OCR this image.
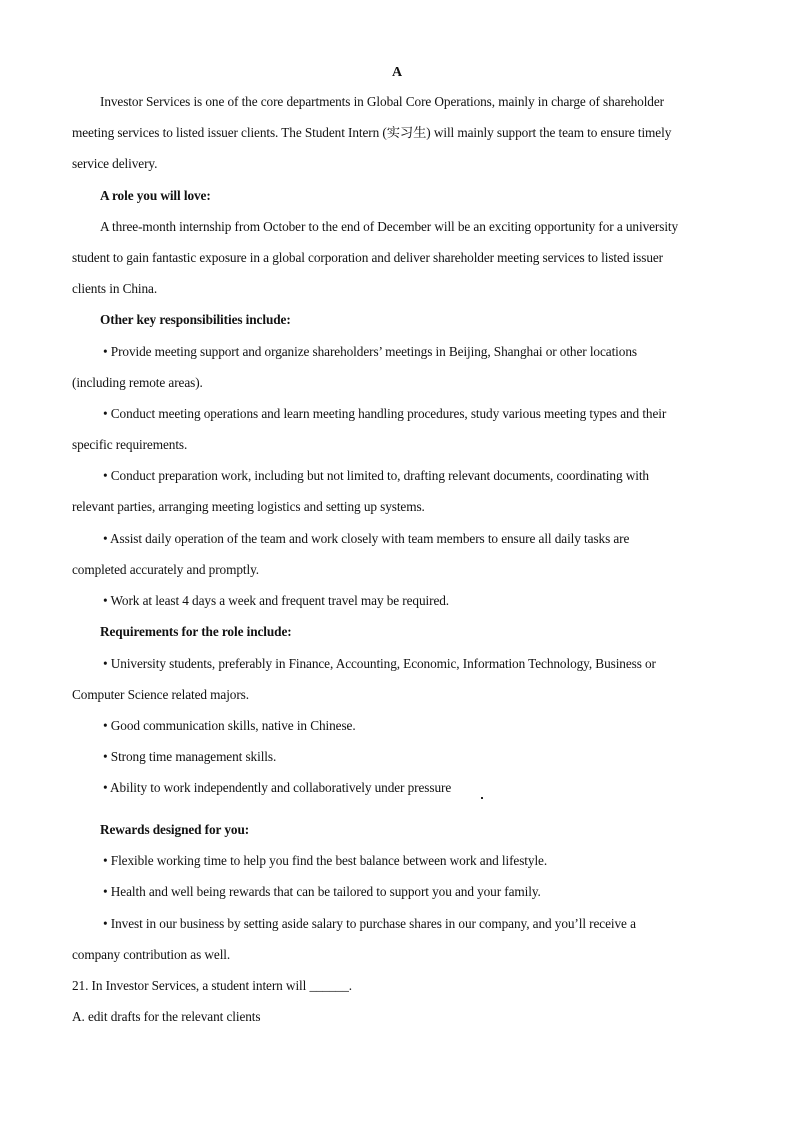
A
Investor Services is one of the core departments in Global Core Operations, mainly in charge of shareholder
meeting services to listed issuer clients. The Student Intern (实习生) will mainly support the team to ensure timely
service delivery.
A role you will love:
A three-month internship from October to the end of December will be an exciting opportunity for a university
student to gain fantastic exposure in a global corporation and deliver shareholder meeting services to listed issuer
clients in China.
Other key responsibilities include:
• Provide meeting support and organize shareholders’ meetings in Beijing, Shanghai or other locations
(including remote areas).
• Conduct meeting operations and learn meeting handling procedures, study various meeting types and their
specific requirements.
• Conduct preparation work, including but not limited to, drafting relevant documents, coordinating with
relevant parties, arranging meeting logistics and setting up systems.
• Assist daily operation of the team and work closely with team members to ensure all daily tasks are
completed accurately and promptly.
• Work at least 4 days a week and frequent travel may be required.
Requirements for the role include:
• University students, preferably in Finance, Accounting, Economic, Information Technology, Business or
Computer Science related majors.
• Good communication skills, native in Chinese.
• Strong time management skills.
• Ability to work independently and collaboratively under pressure
Rewards designed for you:
• Flexible working time to help you find the best balance between work and lifestyle.
• Health and well being rewards that can be tailored to support you and your family.
• Invest in our business by setting aside salary to purchase shares in our company, and you’ll receive a
company contribution as well.
21. In Investor Services, a student intern will ______.
A. edit drafts for the relevant clients
